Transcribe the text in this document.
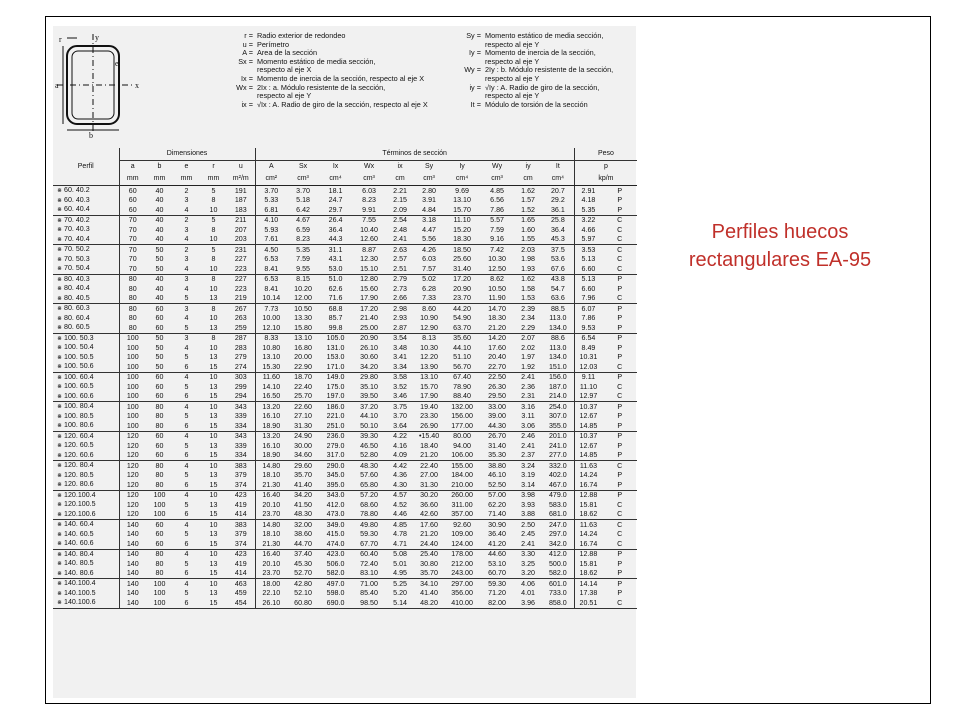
r	y
e
x
b
a
r = Radio exterior de redondeo
u = Perímetro
A = Area de la sección
Sx = Momento estático de media sección,
respecto al eje X
Ix = Momento de inercia de la sección, respecto al eje X
Wx = 2Ix : a. Módulo resistente de la sección,
respecto al eje Y
ix = √Ix : A. Radio de giro de la sección, respecto al eje X
Sy = Momento estático de media sección,
respecto al eje Y
Iy = Momento de inercia de la sección,
respecto al eje Y
Wy = 2Iy : b. Módulo resistente de la sección,
respecto al eje Y
iy = √Iy : A. Radio de giro de la sección,
respecto al eje Y
It = Módulo de torsión de la sección
Perfil	Dimensiones					Términos de sección										Peso	
	a	b	e	r	u	A	Sx	Ix	Wx	ix	Sy	Iy	Wy	iy	It	p	
	mm	mm	mm	mm	m²/m	cm²	cm³	cm⁴	cm³	cm	cm³	cm⁴	cm³	cm	cm⁴	kp/m	
⋇ 60. 40.2	60	40	2	5	191	3.70	3.70	18.1	6.03	2.21	2.80	9.69	4.85	1.62	20.7	2.91	P
⋇ 60. 40.3	60	40	3	8	187	5.33	5.18	24.7	8.23	2.15	3.91	13.10	6.56	1.57	29.2	4.18	P
⋇ 60. 40.4	60	40	4	10	183	6.81	6.42	29.7	9.91	2.09	4.84	15.70	7.86	1.52	36.1	5.35	P
⋇ 70. 40.2	70	40	2	5	211	4.10	4.67	26.4	7.55	2.54	3.18	11.10	5.57	1.65	25.8	3.22	C
⋇ 70. 40.3	70	40	3	8	207	5.93	6.59	36.4	10.40	2.48	4.47	15.20	7.59	1.60	36.4	4.66	C
⋇ 70. 40.4	70	40	4	10	203	7.61	8.23	44.3	12.60	2.41	5.56	18.30	9.16	1.55	45.3	5.97	C
⋇ 70. 50.2	70	50	2	5	231	4.50	5.35	31.1	8.87	2.63	4.26	18.50	7.42	2.03	37.5	3.53	C
⋇ 70. 50.3	70	50	3	8	227	6.53	7.59	43.1	12.30	2.57	6.03	25.60	10.30	1.98	53.6	5.13	C
⋇ 70. 50.4	70	50	4	10	223	8.41	9.55	53.0	15.10	2.51	7.57	31.40	12.50	1.93	67.6	6.60	C
⋇ 80. 40.3	80	40	3	8	227	6.53	8.15	51.0	12.80	2.79	5.02	17.20	8.62	1.62	43.8	5.13	P
⋇ 80. 40.4	80	40	4	10	223	8.41	10.20	62.6	15.60	2.73	6.28	20.90	10.50	1.58	54.7	6.60	P
⋇ 80. 40.5	80	40	5	13	219	10.14	12.00	71.6	17.90	2.66	7.33	23.70	11.90	1.53	63.6	7.96	C
⋇ 80. 60.3	80	60	3	8	267	7.73	10.50	68.8	17.20	2.98	8.60	44.20	14.70	2.39	88.5	6.07	P
⋇ 80. 60.4	80	60	4	10	263	10.00	13.30	85.7	21.40	2.93	10.90	54.90	18.30	2.34	113.0	7.86	P
⋇ 80. 60.5	80	60	5	13	259	12.10	15.80	99.8	25.00	2.87	12.90	63.70	21.20	2.29	134.0	9.53	P
⋇ 100. 50.3	100	50	3	8	287	8.33	13.10	105.0	20.90	3.54	8.13	35.60	14.20	2.07	88.6	6.54	P
⋇ 100. 50.4	100	50	4	10	283	10.80	16.80	131.0	26.10	3.48	10.30	44.10	17.60	2.02	113.0	8.49	P
⋇ 100. 50.5	100	50	5	13	279	13.10	20.00	153.0	30.60	3.41	12.20	51.10	20.40	1.97	134.0	10.31	P
⋇ 100. 50.6	100	50	6	15	274	15.30	22.90	171.0	34.20	3.34	13.90	56.70	22.70	1.92	151.0	12.03	C
⋇ 100. 60.4	100	60	4	10	303	11.60	18.70	149.0	29.80	3.58	13.10	67.40	22.50	2.41	156.0	9.11	P
⋇ 100. 60.5	100	60	5	13	299	14.10	22.40	175.0	35.10	3.52	15.70	78.90	26.30	2.36	187.0	11.10	C
⋇ 100. 60.6	100	60	6	15	294	16.50	25.70	197.0	39.50	3.46	17.90	88.40	29.50	2.31	214.0	12.97	C
⋇ 100. 80.4	100	80	4	10	343	13.20	22.60	186.0	37.20	3.75	19.40	132.00	33.00	3.16	254.0	10.37	P
⋇ 100. 80.5	100	80	5	13	339	16.10	27.10	221.0	44.10	3.70	23.30	156.00	39.00	3.11	307.0	12.67	P
⋇ 100. 80.6	100	80	6	15	334	18.90	31.30	251.0	50.10	3.64	26.90	177.00	44.30	3.06	355.0	14.85	P
⋇ 120. 60.4	120	60	4	10	343	13.20	24.90	236.0	39.30	4.22	•15.40	80.00	26.70	2.46	201.0	10.37	P
⋇ 120. 60.5	120	60	5	13	339	16.10	30.00	279.0	46.50	4.16	18.40	94.00	31.40	2.41	241.0	12.67	P
⋇ 120. 60.6	120	60	6	15	334	18.90	34.60	317.0	52.80	4.09	21.20	106.00	35.30	2.37	277.0	14.85	P
⋇ 120. 80.4	120	80	4	10	383	14.80	29.60	290.0	48.30	4.42	22.40	155.00	38.80	3.24	332.0	11.63	C
⋇ 120. 80.5	120	80	5	13	379	18.10	35.70	345.0	57.60	4.36	27.00	184.00	46.10	3.19	402.0	14.24	P
⋇ 120. 80.6	120	80	6	15	374	21.30	41.40	395.0	65.80	4.30	31.30	210.00	52.50	3.14	467.0	16.74	P
⋇ 120.100.4	120	100	4	10	423	16.40	34.20	343.0	57.20	4.57	30.20	260.00	57.00	3.98	479.0	12.88	P
⋇ 120.100.5	120	100	5	13	419	20.10	41.50	412.0	68.60	4.52	36.60	311.00	62.20	3.93	583.0	15.81	C
⋇ 120.100.6	120	100	6	15	414	23.70	48.30	473.0	78.80	4.46	42.60	357.00	71.40	3.88	681.0	18.62	C
⋇ 140. 60.4	140	60	4	10	383	14.80	32.00	349.0	49.80	4.85	17.60	92.60	30.90	2.50	247.0	11.63	C
⋇ 140. 60.5	140	60	5	13	379	18.10	38.60	415.0	59.30	4.78	21.20	109.00	36.40	2.45	297.0	14.24	C
⋇ 140. 60.6	140	60	6	15	374	21.30	44.70	474.0	67.70	4.71	24.40	124.00	41.20	2.41	342.0	16.74	C
⋇ 140. 80.4	140	80	4	10	423	16.40	37.40	423.0	60.40	5.08	25.40	178.00	44.60	3.30	412.0	12.88	P
⋇ 140. 80.5	140	80	5	13	419	20.10	45.30	506.0	72.40	5.01	30.80	212.00	53.10	3.25	500.0	15.81	P
⋇ 140. 80.6	140	80	6	15	414	23.70	52.70	582.0	83.10	4.95	35.70	243.00	60.70	3.20	582.0	18.62	P
⋇ 140.100.4	140	100	4	10	463	18.00	42.80	497.0	71.00	5.25	34.10	297.00	59.30	4.06	601.0	14.14	P
⋇ 140.100.5	140	100	5	13	459	22.10	52.10	598.0	85.40	5.20	41.40	356.00	71.20	4.01	733.0	17.38	P
⋇ 140.100.6	140	100	6	15	454	26.10	60.80	690.0	98.50	5.14	48.20	410.00	82.00	3.96	858.0	20.51	C
Perfiles huecos
rectangulares EA-95
